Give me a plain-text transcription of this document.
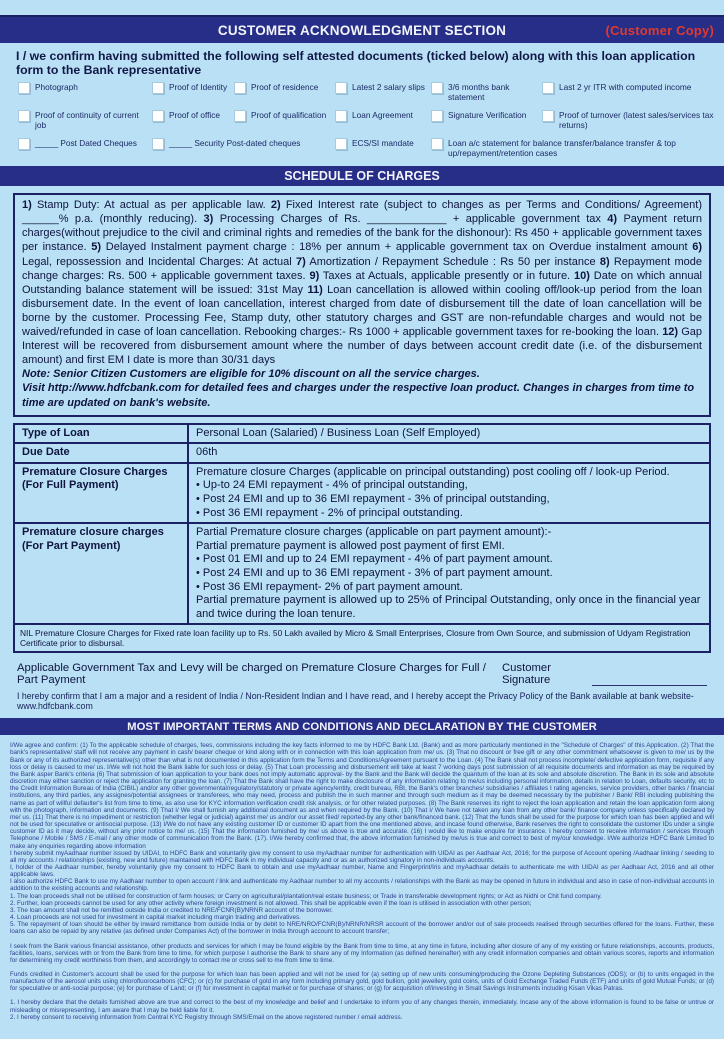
CUSTOMER ACKNOWLEDGMENT SECTION	(Customer Copy)
I / we confirm having submitted the following self attested documents (ticked below) along with this loan application form to the Bank representative
Photograph	Proof of Identity	Proof of residence	Latest 2 salary slips	3/6 months bank statement
Last 2 yr ITR with computed income
Proof of continuity of current job
Proof of office	Proof of qualification	Loan Agreement	Signature Verification	Proof of turnover (latest sales/services tax returns)
_____ Post Dated Cheques	_____ Security Post-dated cheques	ECS/SI mandate	Loan a/c statement for balance transfer/balance transfer & top up/repayment/retention cases
SCHEDULE OF CHARGES
1) Stamp Duty: At actual as per applicable law. 2) Fixed Interest rate (subject to changes as per Terms and Conditions/ Agreement) ______% p.a. (monthly reducing). 3) Processing Charges of Rs. _____________ + applicable government tax 4) Payment return charges(without prejudice to the civil and criminal rights and remedies of the bank for the dishonour): Rs 450 + applicable government taxes per instance. 5) Delayed Instalment payment charge : 18% per annum + applicable government tax on Overdue instalment amount 6) Legal, repossession and Incidental Charges: At actual 7) Amortization / Repayment Schedule : Rs 50 per instance 8) Repayment mode change charges: Rs. 500 + applicable government taxes. 9) Taxes at Actuals, applicable presently or in future. 10) Date on which annual Outstanding balance statement will be issued: 31st May 11) Loan cancellation is allowed within cooling off/look-up period from the loan disbursement date. In the event of loan cancellation, interest charged from date of disbursement till the date of loan cancellation will be borne by the customer. Processing Fee, Stamp duty, other statutory charges and GST are non-refundable charges and would not be waived/refunded in case of loan cancellation. Rebooking charges:- Rs 1000 + applicable government taxes for re-booking the loan. 12) Gap Interest will be recovered from disbursement amount where the number of days between account credit date (i.e. of the disbursement amount) and first EM I date is more than 30/31 days
Note: Senior Citizen Customers are eligible for 10% discount on all the service charges.
Visit http://www.hdfcbank.com for detailed fees and charges under the respective loan product. Changes in charges from time to time are updated on bank's website.
Type of Loan	Personal Loan (Salaried) / Business Loan (Self Employed)

Due Date	06th

Premature Closure Charges (For Full Payment)	Premature closure Charges (applicable on principal outstanding) post cooling off / look-up Period.
• Up-to 24 EMI repayment - 4% of principal outstanding,
• Post 24 EMI and up to 36 EMI repayment - 3% of principal outstanding,
• Post 36 EMI repayment - 2% of principal outstanding.

Premature closure charges (For Part Payment)	
Partial Premature closure charges (applicable on part payment amount):-
Partial premature payment is allowed post payment of first EMI.
• Post 01 EMI and up to 24 EMI repayment - 4% of part payment amount.
• Post 24 EMI and up to 36 EMI repayment - 3% of part payment amount.
• Post 36 EMI repayment- 2% of part payment amount.
Partial premature payment is allowed up to 25% of Principal Outstanding, only once in the financial year and twice during the loan tenure.

NIL Premature Closure Charges for Fixed rate loan facility up to Rs. 50 Lakh availed by Micro & Small Enterprises, Closure from Own Source, and submission of Udyam Registration Certificate prior to disbursal.	
Applicable Government Tax and Levy will be charged on Premature Closure Charges for Full / Part Payment
Customer Signature
I hereby confirm that I am a major and a resident of India / Non-Resident Indian and I have read, and I hereby accept the Privacy Policy of the Bank available at bank website- www.hdfcbank.com
MOST IMPORTANT TERMS AND CONDITIONS AND DECLARATION BY THE CUSTOMER

I/We agree and confirm: (1) To the applicable schedule of charges, fees, commissions including the key facts informed to me by HDFC Bank Ltd. (Bank) and as more particularly mentioned in the "Schedule of Charges" of this Application. (2) That the bank's representative/ staff will not receive any payment in cash/ bearer cheque or kind along with or in connection with this loan application from me/ us. (3) That no discount or free gift or any other commitment whatsoever is given to me/ us by the Bank or any of its authorized representative(s) other than what is not documented in this application form the Terms and Conditions/Agreement pursuant to the Loan. (4) The Bank shall not process incomplete/ defective application form, requisite if any loss or delay is caused to me/ us. I/We will not hold the Bank liable for such loss or delay. (5) That Loan processing and disbursement will take at least 7 working days post submission of all requisite documents and information as may be required by the Bank asper Bank's criteria (6) That submission of loan application to your bank does not imply automatic approval- by the Bank and the Bank will decide the quantum of the loan at its sole and absolute discretion. The Bank in its sole and absolute discretion may either sanction or reject the application for granting the loan. (7) That the Bank shall have the right to make disclosure of any information relating to me/us including personal information, details in relation to Loan, defaults security, etc to the Credit Information Bureau of India (CIBIL) and/or any other governmental/regulatory/statutory or private agency/entity, credit bureau, RBI, the Bank's other branches/ subsidiaries / affiliates I rating agencies, service providers, other banks / financial institutions, any third parties, any assignes/potential assignees or transferees, who may need, process and publish the in such manner and through such medium as it may be deemed necessary by the publisher / Bank/ RBI including publishing the name as part of willful defaulter's list from time to time, as also use for KYC information verification credit risk analysis, or for other related purposes. (8) The Bank reserves its right to reject the loan application and retain the loan application form along with the photograph, information and documents. (9) That I/ We shall furnish any additional document as and when required by the Bank. (10) That I/ We have not taken any loan from any other bank/ finance company unless specifically declared by me/ us. (11) That there is no impediment or restriction (whether legal or judicial) against me/ us and/or our asset filed/ reported-by any other bank/financed bank. (12) That the funds shall be used for the purpose for which loan has been applied and will not be used for speculative or antisocial purpose. (13) I/We do not have any existing customer ID or customer ID apart from the one mentioned above, and incase found otherwise, Bank reserves the right to consolidate the customer IDs under a single customer ID as it may decide, without any prior notice to me/ us. (15) That the information furnished by me/ us above is true and accurate. (16) I would like to make enquire for insurance. I hereby consent to receive information / services through Telephone / Mobile / SMS / E-mail / any other mode of communication from the Bank. (17). I/We hereby confirmed that, the above information furnished by me/us is true and correct to best of my/our knowledge. I/We authorize HDFC Bank Limited to make any enquiries regarding above information

I hereby submit myAadhaar number issued by UIDAI, to HDFC Bank and voluntarily give my consent to use myAadhaar number for authentication with UIDAI as per Aadhaar Act, 2016; for the purpose of Account opening /Aadhaar linking / seeding to all my accounts / relationships (existing, new and future) maintained with HDFC Bank in my individual capacity and or as an authorized signatory in non-individuals accounts.

I, holder of the Aadhaar number, hereby voluntarily give my consent to HDFC Bank to obtain and use myAadhaar number, Name and Fingerprint/Iris and myAadhaar details to authenticate me with UIDAI as per Aadhaar Act, 2016 and all other applicable laws.

I also authorize HDFC Bank to use my Aadhaar number to open account / link and authenticate my Aadhaar number to all my accounts / relationships with the Bank as may be opened in future in individual and also in case of non-individual accounts in addition to the existing accounts and relationship.

1. The loan proceeds shall not be utilised for construction of farm houses; or Carry on agricultural/plantation/real estate business; or Trade in transferable development rights; or Act as Nidhi or Chit fund company.

2. Further, loan proceeds cannot be used for any other activity where foreign investment is not allowed. This shall be applicable even if the loan is utilised in association with other person;

3. The loan amount shall not be remitted outside India or credited to NRE/FCNR(B)/NRNR account of the borrower.

4. Loan proceeds are not used for investment in capital market including margin trading and derivatives.

5. The repayment of loan should be either by inward remittance from outside India or by debit to NRE/NRO/FCNR(B)/NRNR/NRSR account of the borrower and/or out of sale proceeds realised through securities offered for the loans. Further, these loans can also be repaid by any relative (as defined under Companies Act) of the borrower in India through account to account transfer;

I seek from the Bank various financial assistance, other products and services for which I may be found eligible by the Bank from time to time, at any time in future, including after closure of any of my existing or future relationships, accounts, products, facilities, loans, services with or from the Bank from time to time, for which purpose I authorise the Bank to share any of my Information (as defined hereinafter) with any credit information companies and obtain various scores, reports and information for determining my credit worthiness from them, and accordingly to contact me or cross sell to me from time to time.

Funds credited in Customer's account shall be used for the purpose for which loan has been applied and will not be used for (a) setting up of new units consuming/producing the Ozone Depleting Substances (ODS); or (b) to units engaged in the manufacture of the aerosol units using chlorofluorocarbons (CFC); or (c) for purchase of gold in any form including primary gold, gold bullion, gold jewellery, gold coins, units of Gold Exchange Traded Funds (ETF) and units of gold Mutual Funds; or (d) for speculative or anti-social purpose; (e) for purchase of Land; or (f) for investment in capital market or for purchase of shares; or (g) for acquisition of/investing in Small Savings Instruments including Kisan Vikas Patras.

1. I hereby declare that the details furnished above are true and correct to the best of my knowledge and belief and I undertake to inform you of any changes therein, immediately. Incase any of the above information is found to be false or untrue or misleading or misrepresenting, I am aware that I may be held liable for it.

2. I hereby consent to receiving information from Central KYC Registry through SMS/Email on the above registered number / email address.
